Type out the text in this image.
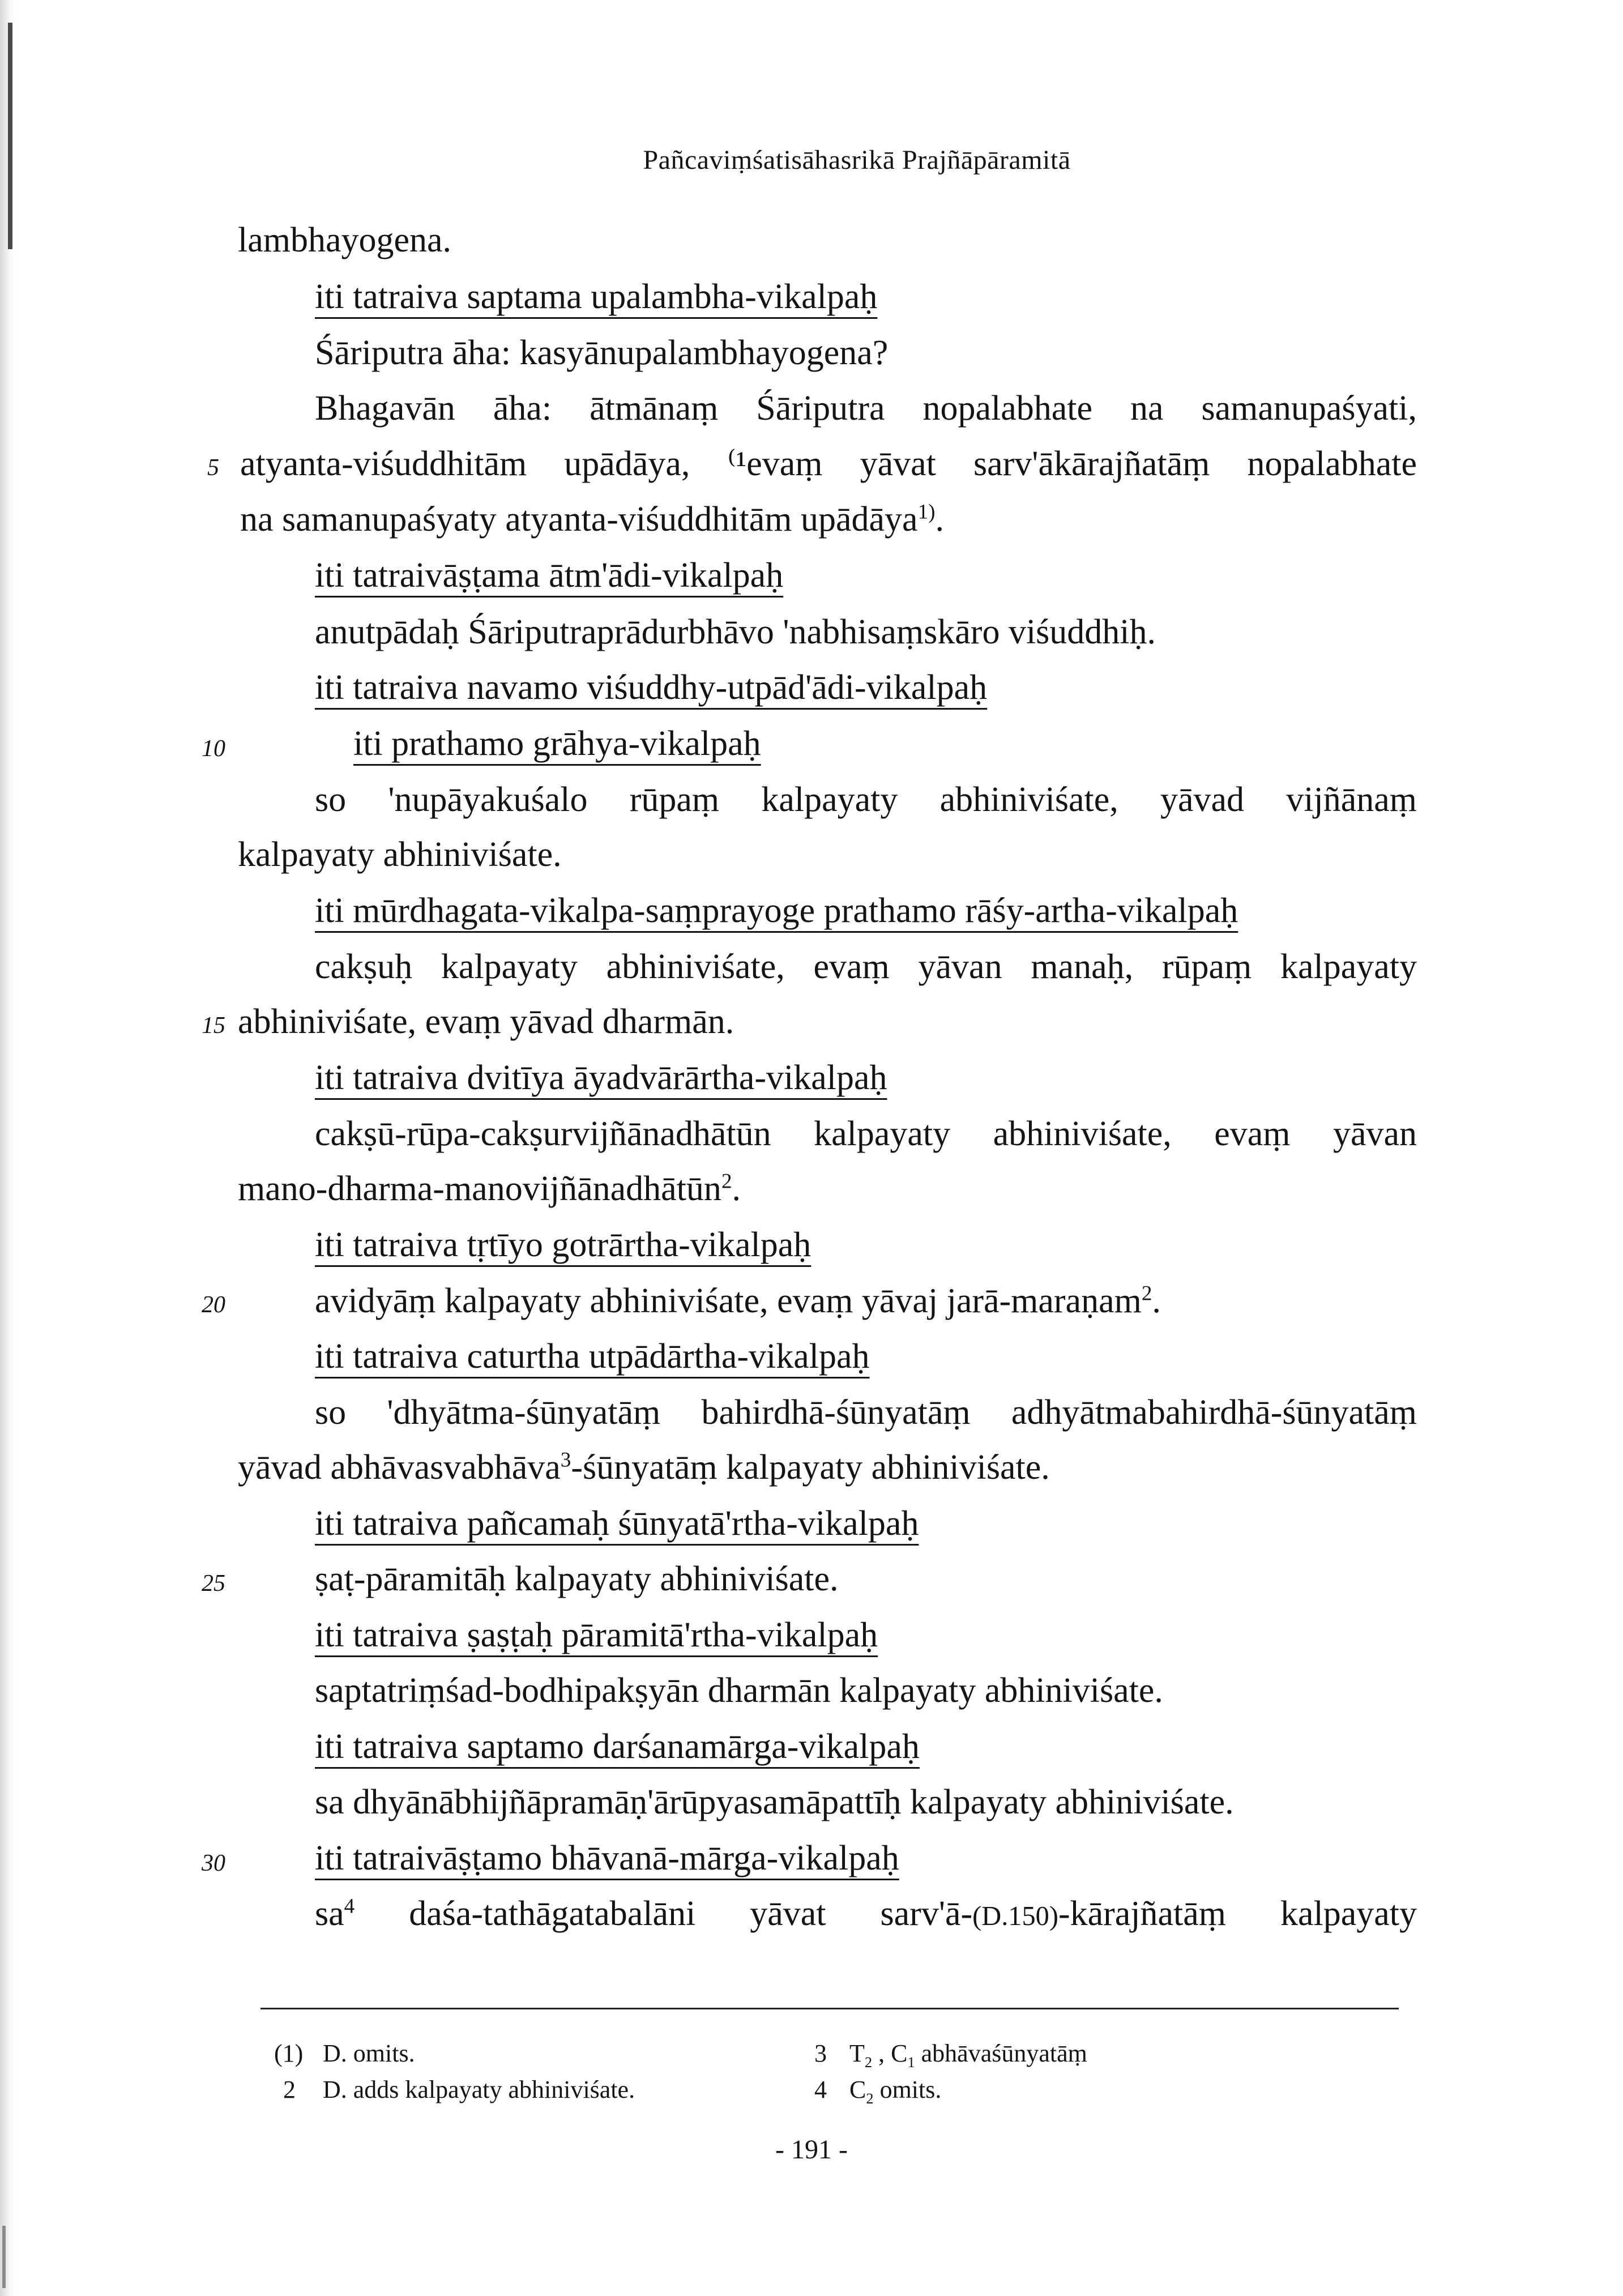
Pañcaviṃśatisāhasrikā Prajñāpāramitā
lambhayogena.
iti tatraiva saptama upalambha-vikalpaḥ
Śāriputra āha: kasyānupalambhayogena?
Bhagavān āha: ātmānaṃ Śāriputra nopalabhate na samanupaśyati,
atyanta-viśuddhitām upādāya, ⁽¹evaṃ yāvat sarv'ākārajñatāṃ nopalabhate
na samanupaśyaty atyanta-viśuddhitām upādāya$^{1)}$.
iti tatraivāṣṭama ātm'ādi-vikalpaḥ
anutpādaḥ Śāriputraprādurbhāvo 'nabhisaṃskāro viśuddhiḥ.
iti tatraiva navamo viśuddhy-utpād'ādi-vikalpaḥ
iti prathamo grāhya-vikalpaḥ
so 'nupāyakuśalo rūpaṃ kalpayaty abhiniviśate, yāvad vijñānaṃ
kalpayaty abhiniviśate.
iti mūrdhagata-vikalpa-saṃprayoge prathamo rāśy-artha-vikalpaḥ
cakṣuḥ kalpayaty abhiniviśate, evaṃ yāvan manaḥ, rūpaṃ kalpayaty
abhiniviśate, evaṃ yāvad dharmān.
iti tatraiva dvitīya āyadvārārtha-vikalpaḥ
cakṣū-rūpa-cakṣurvijñānadhātūn kalpayaty abhiniviśate, evaṃ yāvan
mano-dharma-manovijñānadhātūn$^2$.
iti tatraiva tṛtīyo gotrārtha-vikalpaḥ
avidyāṃ kalpayaty abhiniviśate, evaṃ yāvaj jarā-maraṇam$^2$.
iti tatraiva caturtha utpādārtha-vikalpaḥ
so 'dhyātma-śūnyatāṃ bahirdhā-śūnyatāṃ adhyātmabahirdhā-śūnyatāṃ
yāvad abhāvasvabhāva$^3$-śūnyatāṃ kalpayaty abhiniviśate.
iti tatraiva pañcamaḥ śūnyatā'rtha-vikalpaḥ
ṣaṭ-pāramitāḥ kalpayaty abhiniviśate.
iti tatraiva ṣaṣṭaḥ pāramitā'rtha-vikalpaḥ
saptatriṃśad-bodhipakṣyān dharmān kalpayaty abhiniviśate.
iti tatraiva saptamo darśanamārga-vikalpaḥ
sa dhyānābhijñāpramāṇ'ārūpyasamāpattīḥ kalpayaty abhiniviśate.
iti tatraivāṣṭamo bhāvanā-mārga-vikalpaḥ
$sa^4$ daśa-tathāgatabalāni yāvat sarv'ā-(D.150)-kārajñatāṃ kalpayaty
5
10
15
20
25
30
(1) D. omits.
2 D. adds kalpayaty abhiniviśate.
3 $T_2$ , $C_1$ abhāvaśūnyatāṃ
4 $C_2$ omits.
- 191 -
